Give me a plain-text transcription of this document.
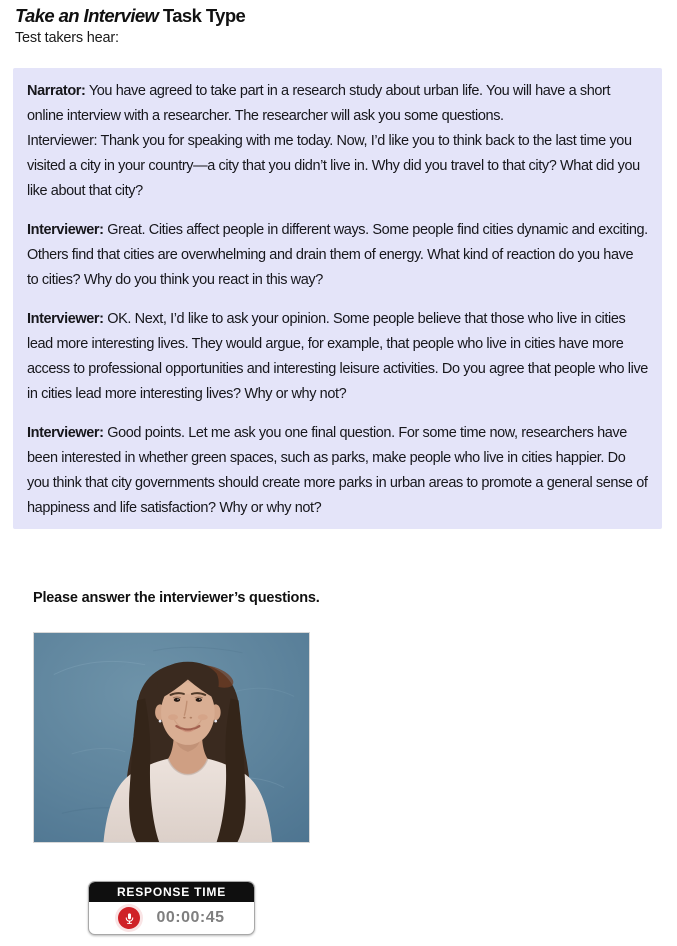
Take an Interview Task Type
Test takers hear:

Narrator: You have agreed to take part in a research study about urban life. You will have a short online interview with a researcher. The researcher will ask you some questions.
Interviewer: Thank you for speaking with me today. Now, I’d like you to think back to the last time you visited a city in your country—a city that you didn’t live in. Why did you travel to that city? What did you like about that city?

Interviewer: Great. Cities affect people in different ways. Some people find cities dynamic and exciting. Others find that cities are overwhelming and drain them of energy. What kind of reaction do you have to cities? Why do you think you react in this way?

Interviewer: OK. Next, I’d like to ask your opinion. Some people believe that those who live in cities lead more interesting lives. They would argue, for example, that people who live in cities have more access to professional opportunities and interesting leisure activities. Do you agree that people who live in cities lead more interesting lives? Why or why not?

Interviewer: Good points. Let me ask you one final question. For some time now, researchers have been interested in whether green spaces, such as parks, make people who live in cities happier. Do you think that city governments should create more parks in urban areas to promote a general sense of happiness and life satisfaction? Why or why not?

Please answer the interviewer’s questions.
RESPONSE TIME
00:00:45
